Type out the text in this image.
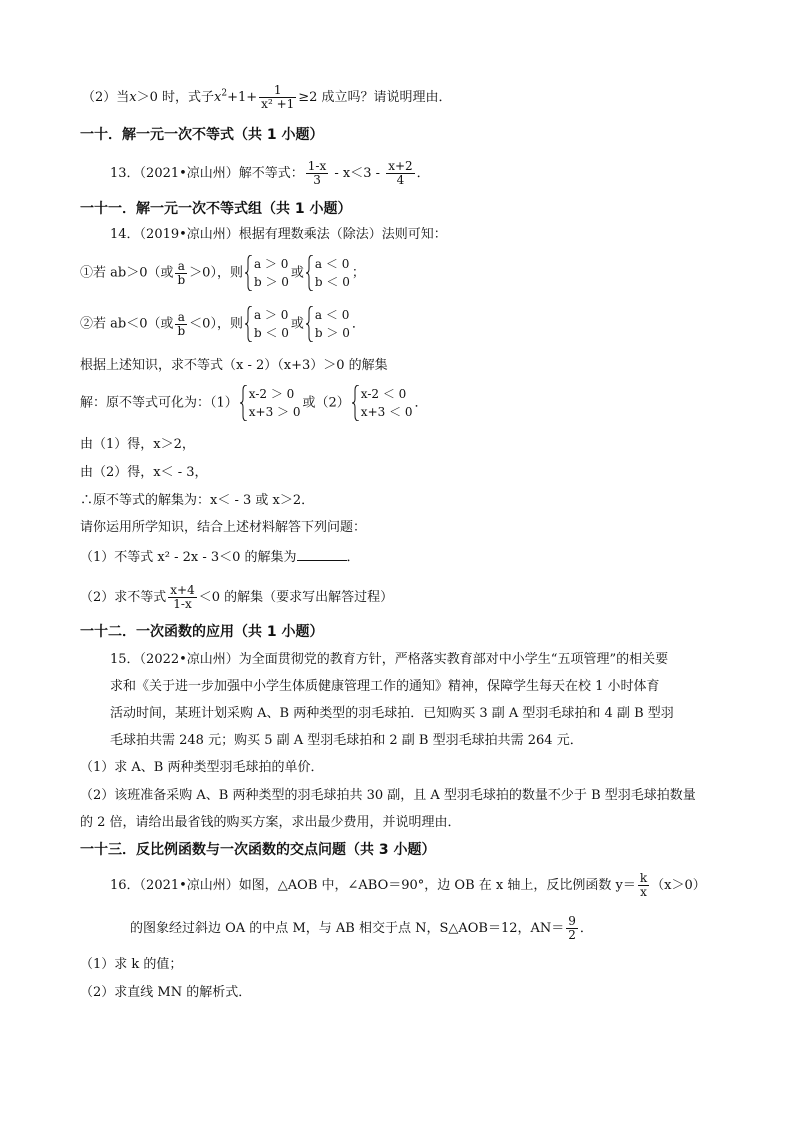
（2）当x＞0 时，式子$x^2+1+ \frac{1}{\text{x² +1}} \ge 2$ 成立吗？请说明理由．
一十．解一元一次不等式（共 1 小题）
13．（2021•凉山州）解不等式： $\frac{1-x}{3} - x<3 - \frac{x+2}{4}$ ．
一十一．解一元一次不等式组（共 1 小题）
14．（2019•凉山州）根据有理数乘法（除法）法则可知：
①若 ab＞0（或 $\frac{a}{b} >0$），则
a ＞ 0
b ＞ 0
或
a ＜ 0
b ＜ 0
；
②若 ab＜0（或 $\frac{a}{b} <0$），则
a ＞ 0
b ＜ 0
或
a ＜ 0
b ＞ 0
．
根据上述知识，求不等式（x - 2）（x+3）＞0 的解集
解：原不等式可化为：（1）
x-2 ＞ 0
x+3 ＞ 0
或（2）
x-2 ＜ 0
x+3 ＜ 0
．
由（1）得，x＞2，
由（2）得，x＜ - 3，
∴原不等式的解集为：x＜ - 3 或 x＞2．
请你运用所学知识，结合上述材料解答下列问题：
（1）不等式 x² - 2x - 3＜0 的解集为	．
（2）求不等式 $\frac{x+4}{1-x} <0$ 的解集（要求写出解答过程）
一十二．一次函数的应用（共 1 小题）
15．（2022•凉山州）为全面贯彻党的教育方针，严格落实教育部对中小学生“五项管理”的相关要
求和《关于进一步加强中小学生体质健康管理工作的通知》精神，保障学生每天在校 1 小时体育
活动时间，某班计划采购 A、B 两种类型的羽毛球拍．已知购买 3 副 A 型羽毛球拍和 4 副 B 型羽
毛球拍共需 248 元；购买 5 副 A 型羽毛球拍和 2 副 B 型羽毛球拍共需 264 元．
（1）求 A、B 两种类型羽毛球拍的单价．
（2）该班准备采购 A、B 两种类型的羽毛球拍共 30 副，且 A 型羽毛球拍的数量不少于 B 型羽毛球拍数量
的 2 倍，请给出最省钱的购买方案，求出最少费用，并说明理由．
一十三．反比例函数与一次函数的交点问题（共 3 小题）
16．（2021•凉山州）如图，△AOB 中，∠ABO＝90°，边 OB 在 x 轴上，反比例函数 $y= \frac{k}{x} (x>0)$
的图象经过斜边 OA 的中点 M，与 AB 相交于点 N，S△AOB＝12，$AN= \frac{9}{2}$ ．
（1）求 k 的值；
（2）求直线 MN 的解析式．
